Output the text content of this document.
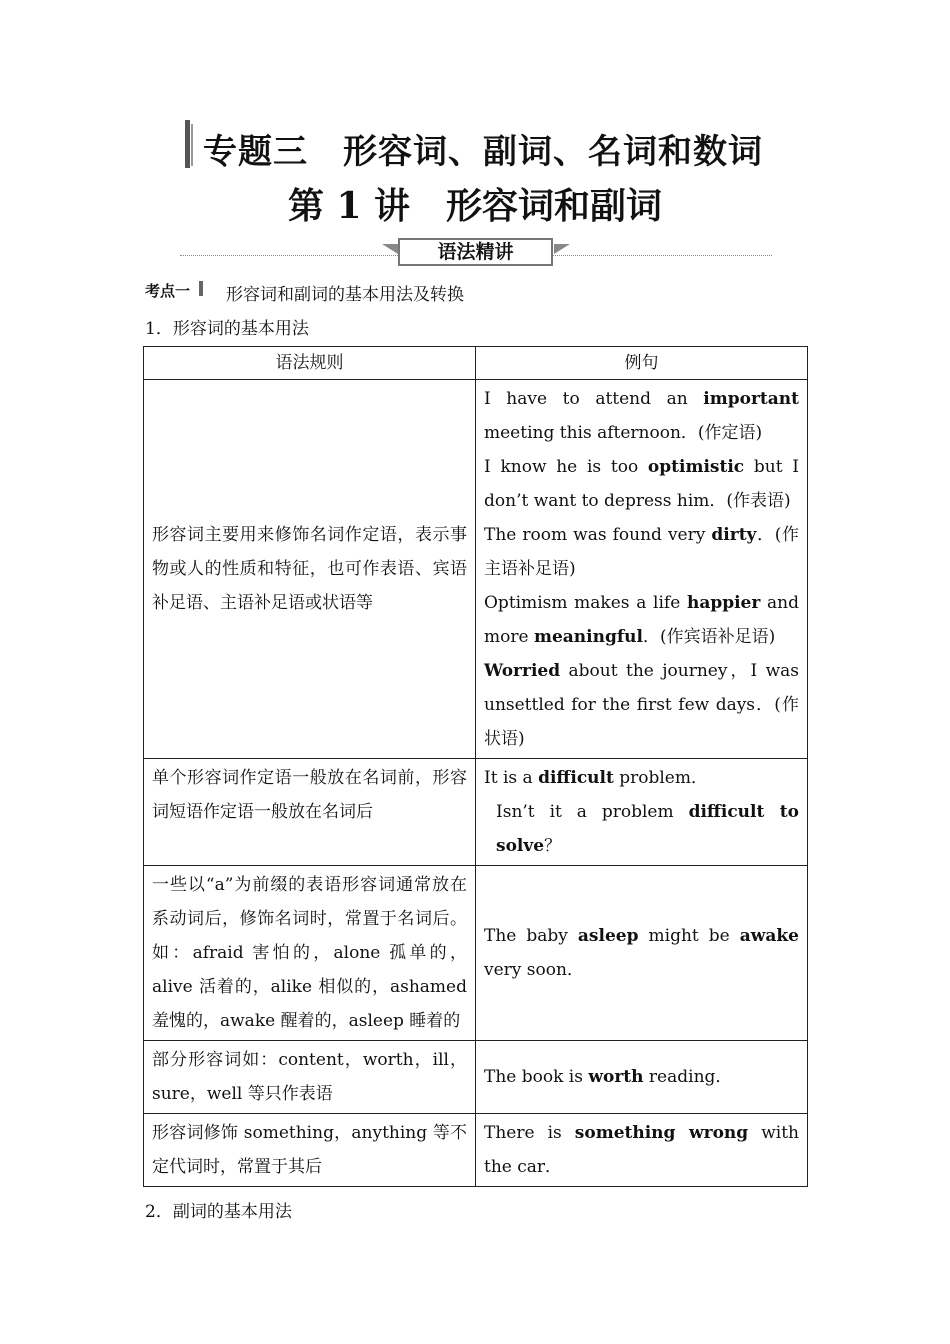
专题三　形容词、副词、名词和数词
第 1 讲　形容词和副词
语法精讲
考点一 形容词和副词的基本用法及转换
1．形容词的基本用法
语法规则	例句
形容词主要用来修饰名词作定语，表示事物或人的性质和特征，也可作表语、宾语补足语、主语补足语或状语等	I have to attend an important meeting this afternoon．(作定语)
I know he is too optimistic but I don’t want to depress him．(作表语)
The room was found very dirty．(作主语补足语)
Optimism makes a life happier and more meaningful．(作宾语补足语)
Worried about the journey，I was unsettled for the first few days．(作状语)

单个形容词作定语一般放在名词前，形容词短语作定语一般放在名词后	It is a difficult problem．
Isn’t it a problem difficult to solve？

一些以“a”为前缀的表语形容词通常放在系动词后，修饰名词时，常置于名词后。如：afraid 害怕的，alone 孤单的，alive 活着的，alike 相似的，ashamed 羞愧的，awake 醒着的，asleep 睡着的	The baby asleep might be awake very soon．

部分形容词如：content，worth，ill，sure，well 等只作表语	The book is worth reading．

形容词修饰 something，anything 等不定代词时，常置于其后	There is something wrong with the car．
2．副词的基本用法
